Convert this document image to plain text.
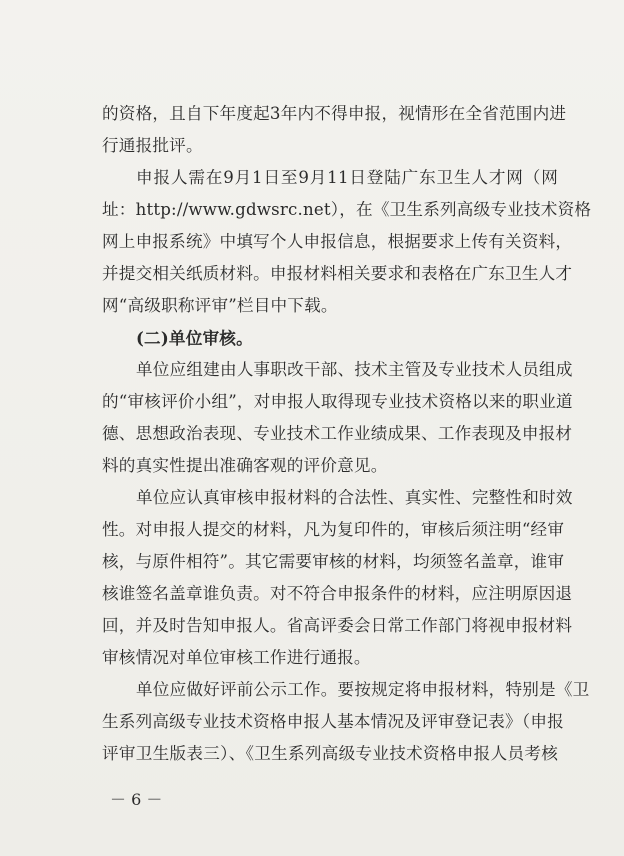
的资格，且自下年度起3年内不得申报，视情形在全省范围内进
行通报批评。
申报人需在9月1日至9月11日登陆广东卫生人才网（网
址：http://www.gdwsrc.net），在《卫生系列高级专业技术资格
网上申报系统》中填写个人申报信息，根据要求上传有关资料，
并提交相关纸质材料。申报材料相关要求和表格在广东卫生人才
网“高级职称评审”栏目中下载。
(二)单位审核。
单位应组建由人事职改干部、技术主管及专业技术人员组成
的“审核评价小组”，对申报人取得现专业技术资格以来的职业道
德、思想政治表现、专业技术工作业绩成果、工作表现及申报材
料的真实性提出准确客观的评价意见。
单位应认真审核申报材料的合法性、真实性、完整性和时效
性。对申报人提交的材料，凡为复印件的，审核后须注明“经审
核，与原件相符”。其它需要审核的材料，均须签名盖章，谁审
核谁签名盖章谁负责。对不符合申报条件的材料，应注明原因退
回，并及时告知申报人。省高评委会日常工作部门将视申报材料
审核情况对单位审核工作进行通报。
单位应做好评前公示工作。要按规定将申报材料，特别是《卫
生系列高级专业技术资格申报人基本情况及评审登记表》（申报
评审卫生版表三）、《卫生系列高级专业技术资格申报人员考核
－ 6 －
